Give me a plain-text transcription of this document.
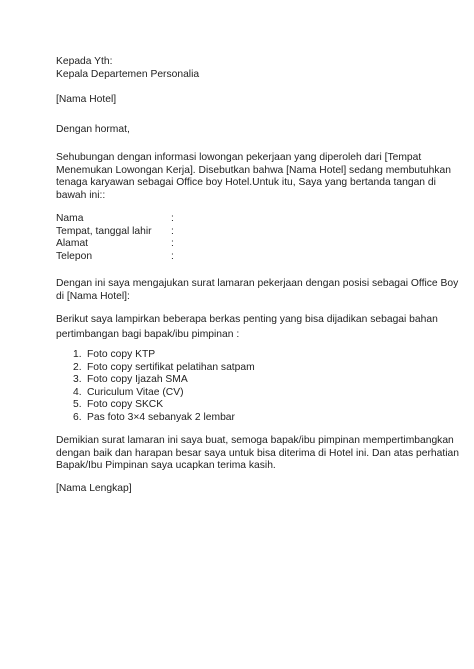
Kepada Yth:
Kepala Departemen Personalia
[Nama Hotel]
Dengan hormat,
Sehubungan dengan informasi lowongan pekerjaan yang diperoleh dari [Tempat
Menemukan Lowongan Kerja]. Disebutkan bahwa [Nama Hotel] sedang membutuhkan
tenaga karyawan sebagai Office boy Hotel.Untuk itu, Saya yang bertanda tangan di
bawah ini::
Nama	:
Tempat, tanggal lahir :
Alamat	:
Telepon	:
Dengan ini saya mengajukan surat lamaran pekerjaan dengan posisi sebagai Office Boy
di [Nama Hotel]:
Berikut saya lampirkan beberapa berkas penting yang bisa dijadikan sebagai bahan
pertimbangan bagi bapak/ibu pimpinan :
1. Foto copy KTP
2. Foto copy sertifikat pelatihan satpam
3. Foto copy Ijazah SMA
4. Curiculum Vitae (CV)
5. Foto copy SKCK
6. Pas foto 3×4 sebanyak 2 lembar
Demikian surat lamaran ini saya buat, semoga bapak/ibu pimpinan mempertimbangkan
dengan baik dan harapan besar saya untuk bisa diterima di Hotel ini. Dan atas perhatian
Bapak/Ibu Pimpinan saya ucapkan terima kasih.
[Nama Lengkap]
